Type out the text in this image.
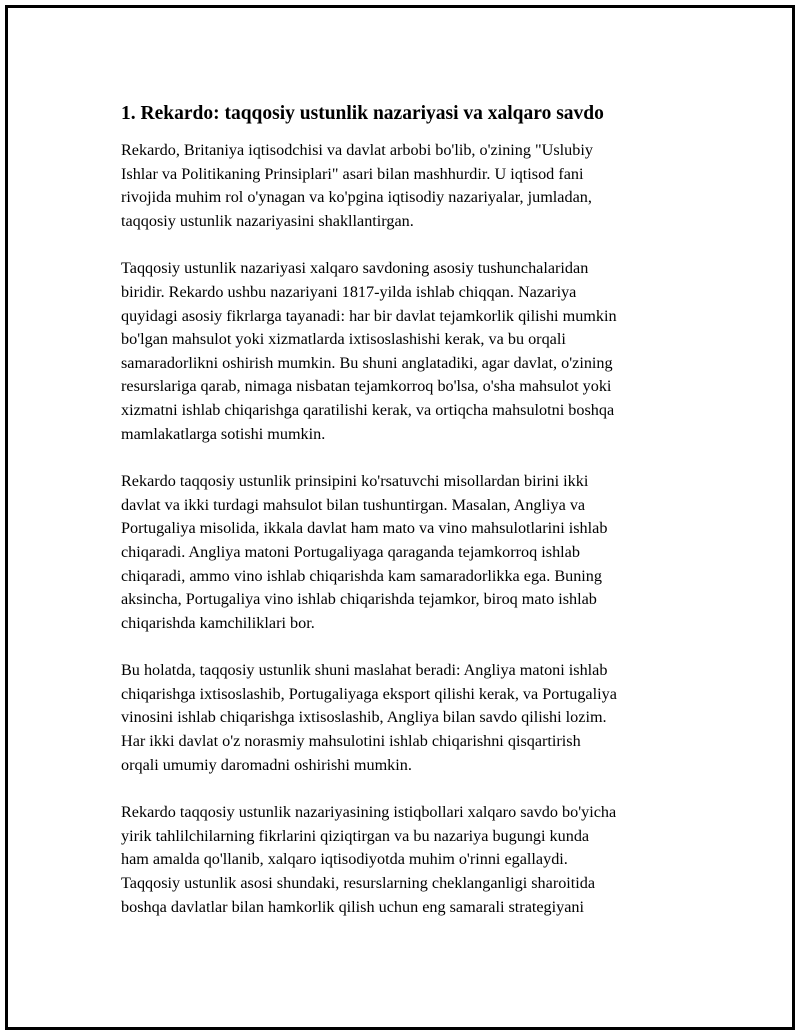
1. Rekardo: taqqosiy ustunlik nazariyasi va xalqaro savdo

Rekardo, Britaniya iqtisodchisi va davlat arbobi bo'lib, o'zining "Uslubiy
Ishlar va Politikaning Prinsiplari" asari bilan mashhurdir. U iqtisod fani
rivojida muhim rol o'ynagan va ko'pgina iqtisodiy nazariyalar, jumladan,
taqqosiy ustunlik nazariyasini shakllantirgan.

Taqqosiy ustunlik nazariyasi xalqaro savdoning asosiy tushunchalaridan
biridir. Rekardo ushbu nazariyani 1817-yilda ishlab chiqqan. Nazariya
quyidagi asosiy fikrlarga tayanadi: har bir davlat tejamkorlik qilishi mumkin
bo'lgan mahsulot yoki xizmatlarda ixtisoslashishi kerak, va bu orqali
samaradorlikni oshirish mumkin. Bu shuni anglatadiki, agar davlat, o'zining
resurslariga qarab, nimaga nisbatan tejamkorroq bo'lsa, o'sha mahsulot yoki
xizmatni ishlab chiqarishga qaratilishi kerak, va ortiqcha mahsulotni boshqa
mamlakatlarga sotishi mumkin.

Rekardo taqqosiy ustunlik prinsipini ko'rsatuvchi misollardan birini ikki
davlat va ikki turdagi mahsulot bilan tushuntirgan. Masalan, Angliya va
Portugaliya misolida, ikkala davlat ham mato va vino mahsulotlarini ishlab
chiqaradi. Angliya matoni Portugaliyaga qaraganda tejamkorroq ishlab
chiqaradi, ammo vino ishlab chiqarishda kam samaradorlikka ega. Buning
aksincha, Portugaliya vino ishlab chiqarishda tejamkor, biroq mato ishlab
chiqarishda kamchiliklari bor.

Bu holatda, taqqosiy ustunlik shuni maslahat beradi: Angliya matoni ishlab
chiqarishga ixtisoslashib, Portugaliyaga eksport qilishi kerak, va Portugaliya
vinosini ishlab chiqarishga ixtisoslashib, Angliya bilan savdo qilishi lozim.
Har ikki davlat o'z norasmiy mahsulotini ishlab chiqarishni qisqartirish
orqali umumiy daromadni oshirishi mumkin.

Rekardo taqqosiy ustunlik nazariyasining istiqbollari xalqaro savdo bo'yicha
yirik tahlilchilarning fikrlarini qiziqtirgan va bu nazariya bugungi kunda
ham amalda qo'llanib, xalqaro iqtisodiyotda muhim o'rinni egallaydi.
Taqqosiy ustunlik asosi shundaki, resurslarning cheklanganligi sharoitida
boshqa davlatlar bilan hamkorlik qilish uchun eng samarali strategiyani
